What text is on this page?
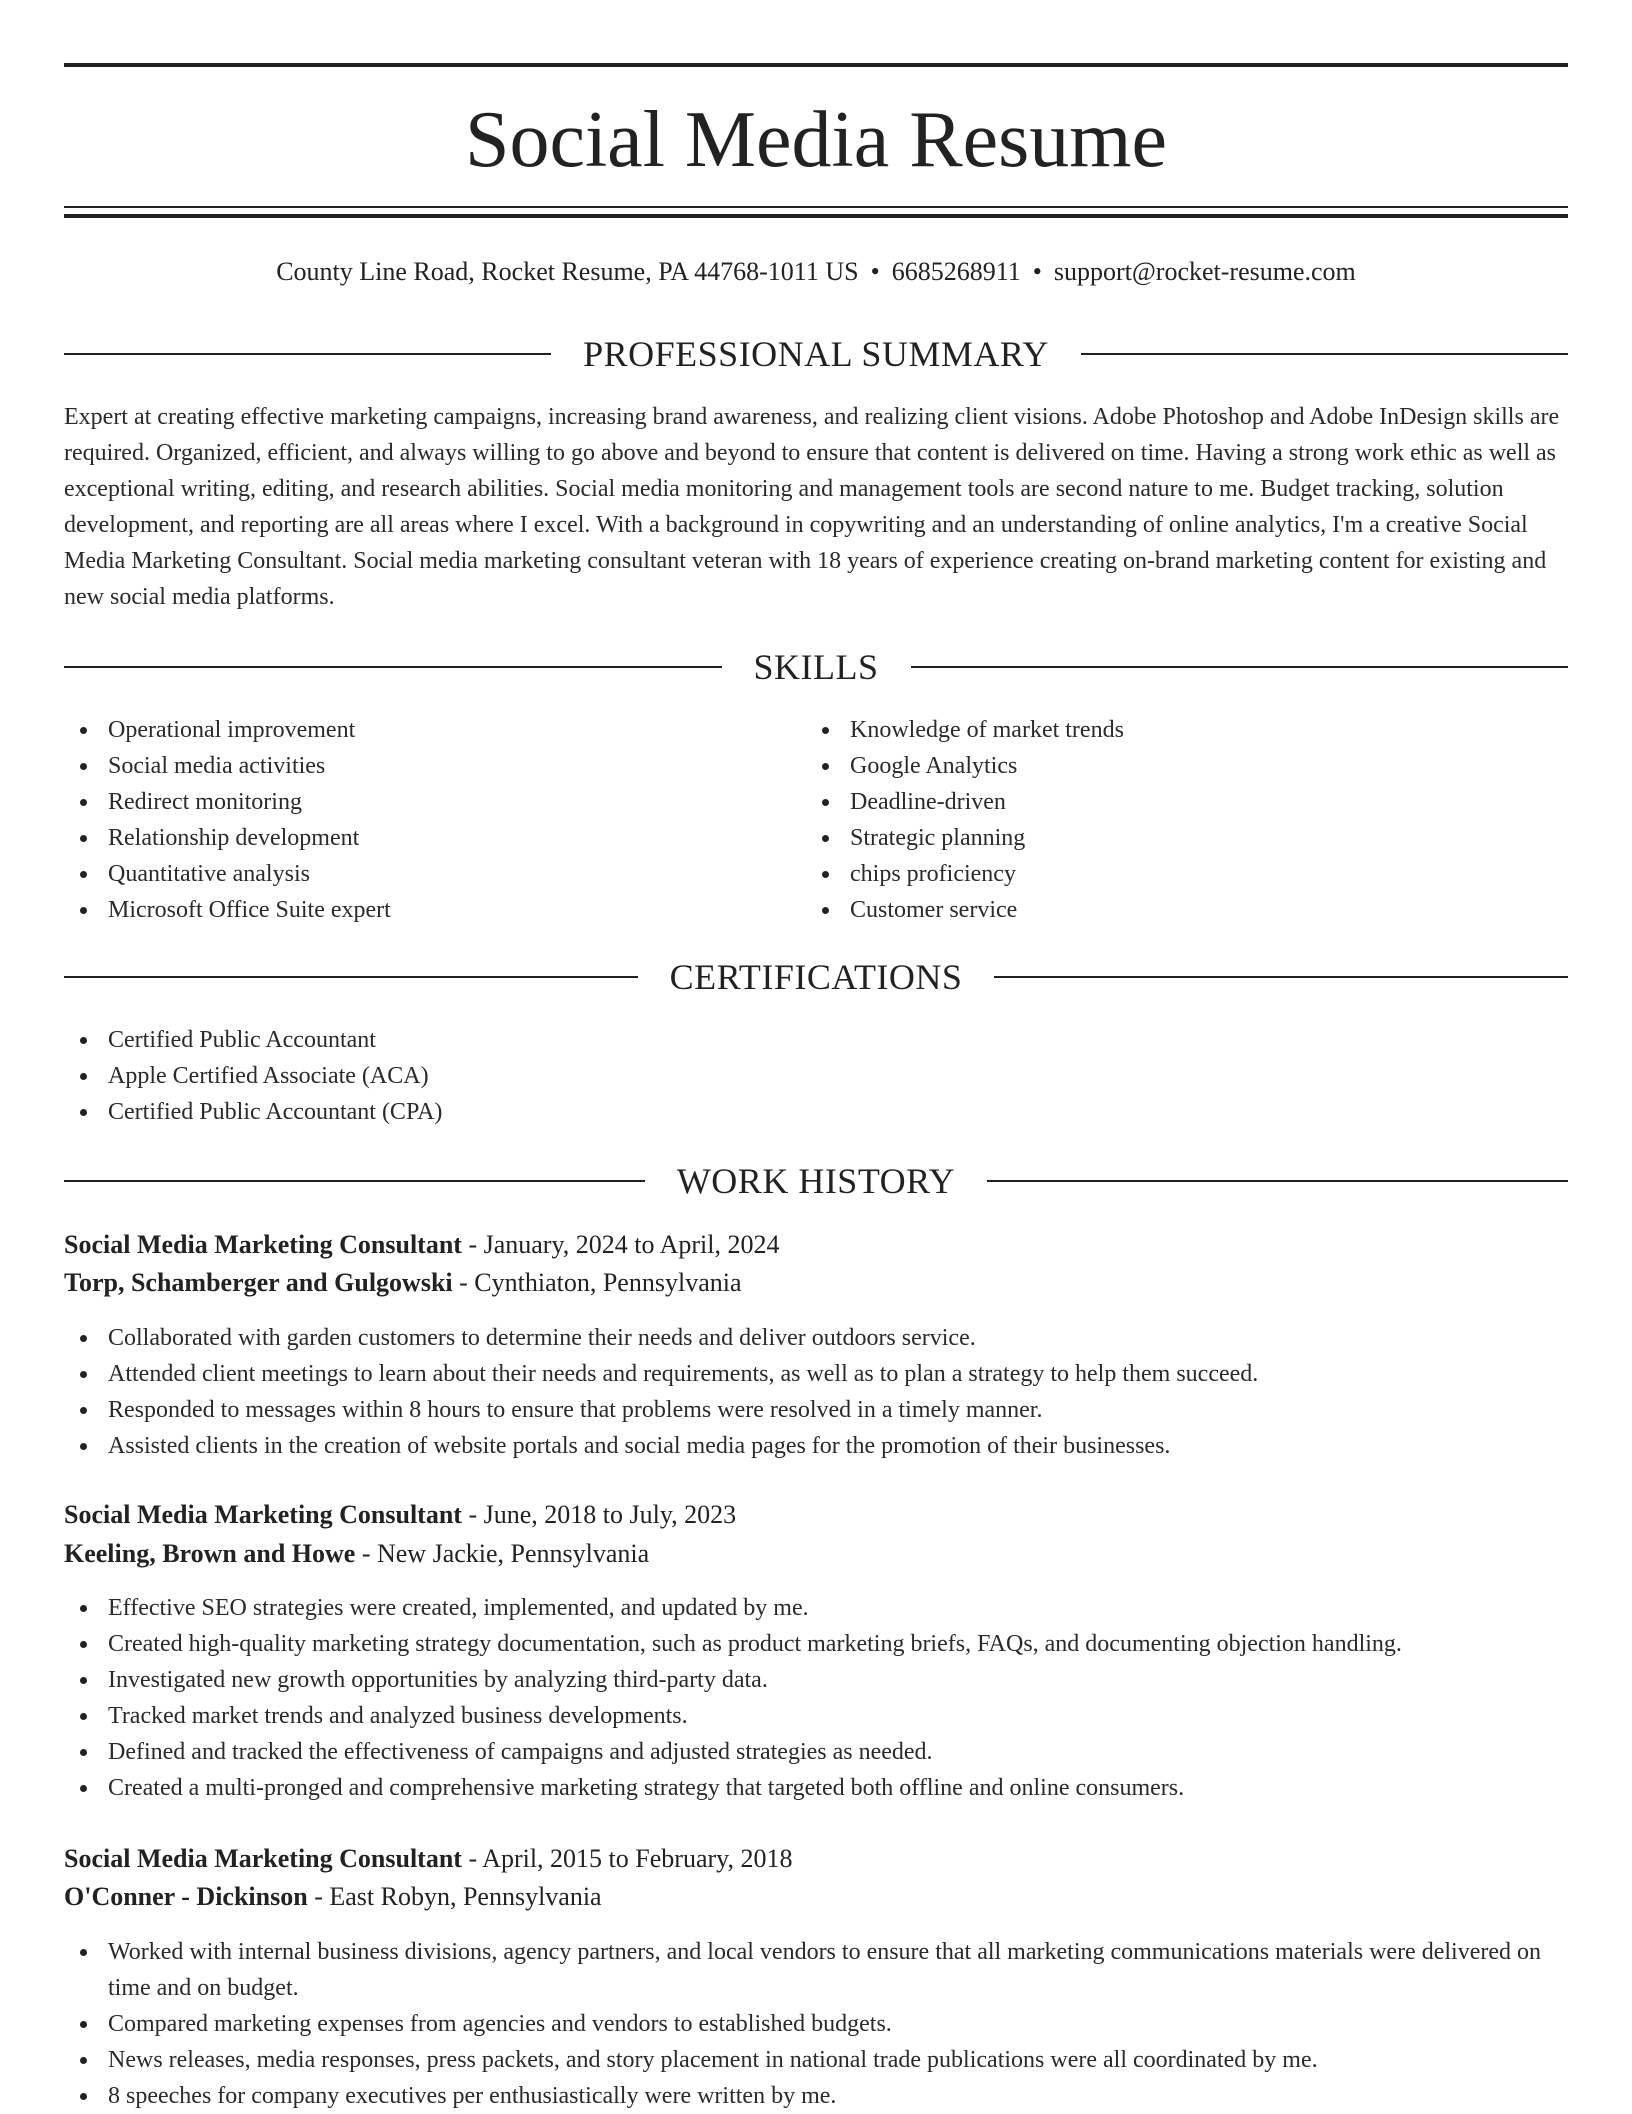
Social Media Resume
County Line Road, Rocket Resume, PA 44768-1011 US • 6685268911 • support@rocket-resume.com
PROFESSIONAL SUMMARY

Expert at creating effective marketing campaigns, increasing brand awareness, and realizing client visions. Adobe Photoshop and Adobe InDesign skills are required. Organized, efficient, and always willing to go above and beyond to ensure that content is delivered on time. Having a strong work ethic as well as exceptional writing, editing, and research abilities. Social media monitoring and management tools are second nature to me. Budget tracking, solution development, and reporting are all areas where I excel. With a background in copywriting and an understanding of online analytics, I'm a creative Social Media Marketing Consultant. Social media marketing consultant veteran with 18 years of experience creating on-brand marketing content for existing and new social media platforms.

SKILLS
Operational improvement
Social media activities
Redirect monitoring
Relationship development
Quantitative analysis
Microsoft Office Suite expert
Knowledge of market trends
Google Analytics
Deadline-driven
Strategic planning
chips proficiency
Customer service
CERTIFICATIONS
Certified Public Accountant
Apple Certified Associate (ACA)
Certified Public Accountant (CPA)
WORK HISTORY
Social Media Marketing Consultant - January, 2024 to April, 2024
Torp, Schamberger and Gulgowski - Cynthiaton, Pennsylvania
Collaborated with garden customers to determine their needs and deliver outdoors service.
Attended client meetings to learn about their needs and requirements, as well as to plan a strategy to help them succeed.
Responded to messages within 8 hours to ensure that problems were resolved in a timely manner.
Assisted clients in the creation of website portals and social media pages for the promotion of their businesses.
Social Media Marketing Consultant - June, 2018 to July, 2023
Keeling, Brown and Howe - New Jackie, Pennsylvania
Effective SEO strategies were created, implemented, and updated by me.
Created high-quality marketing strategy documentation, such as product marketing briefs, FAQs, and documenting objection handling.
Investigated new growth opportunities by analyzing third-party data.
Tracked market trends and analyzed business developments.
Defined and tracked the effectiveness of campaigns and adjusted strategies as needed.
Created a multi-pronged and comprehensive marketing strategy that targeted both offline and online consumers.
Social Media Marketing Consultant - April, 2015 to February, 2018
O'Conner - Dickinson - East Robyn, Pennsylvania
Worked with internal business divisions, agency partners, and local vendors to ensure that all marketing communications materials were delivered on time and on budget.
Compared marketing expenses from agencies and vendors to established budgets.
News releases, media responses, press packets, and story placement in national trade publications were all coordinated by me.
8 speeches for company executives per enthusiastically were written by me.
